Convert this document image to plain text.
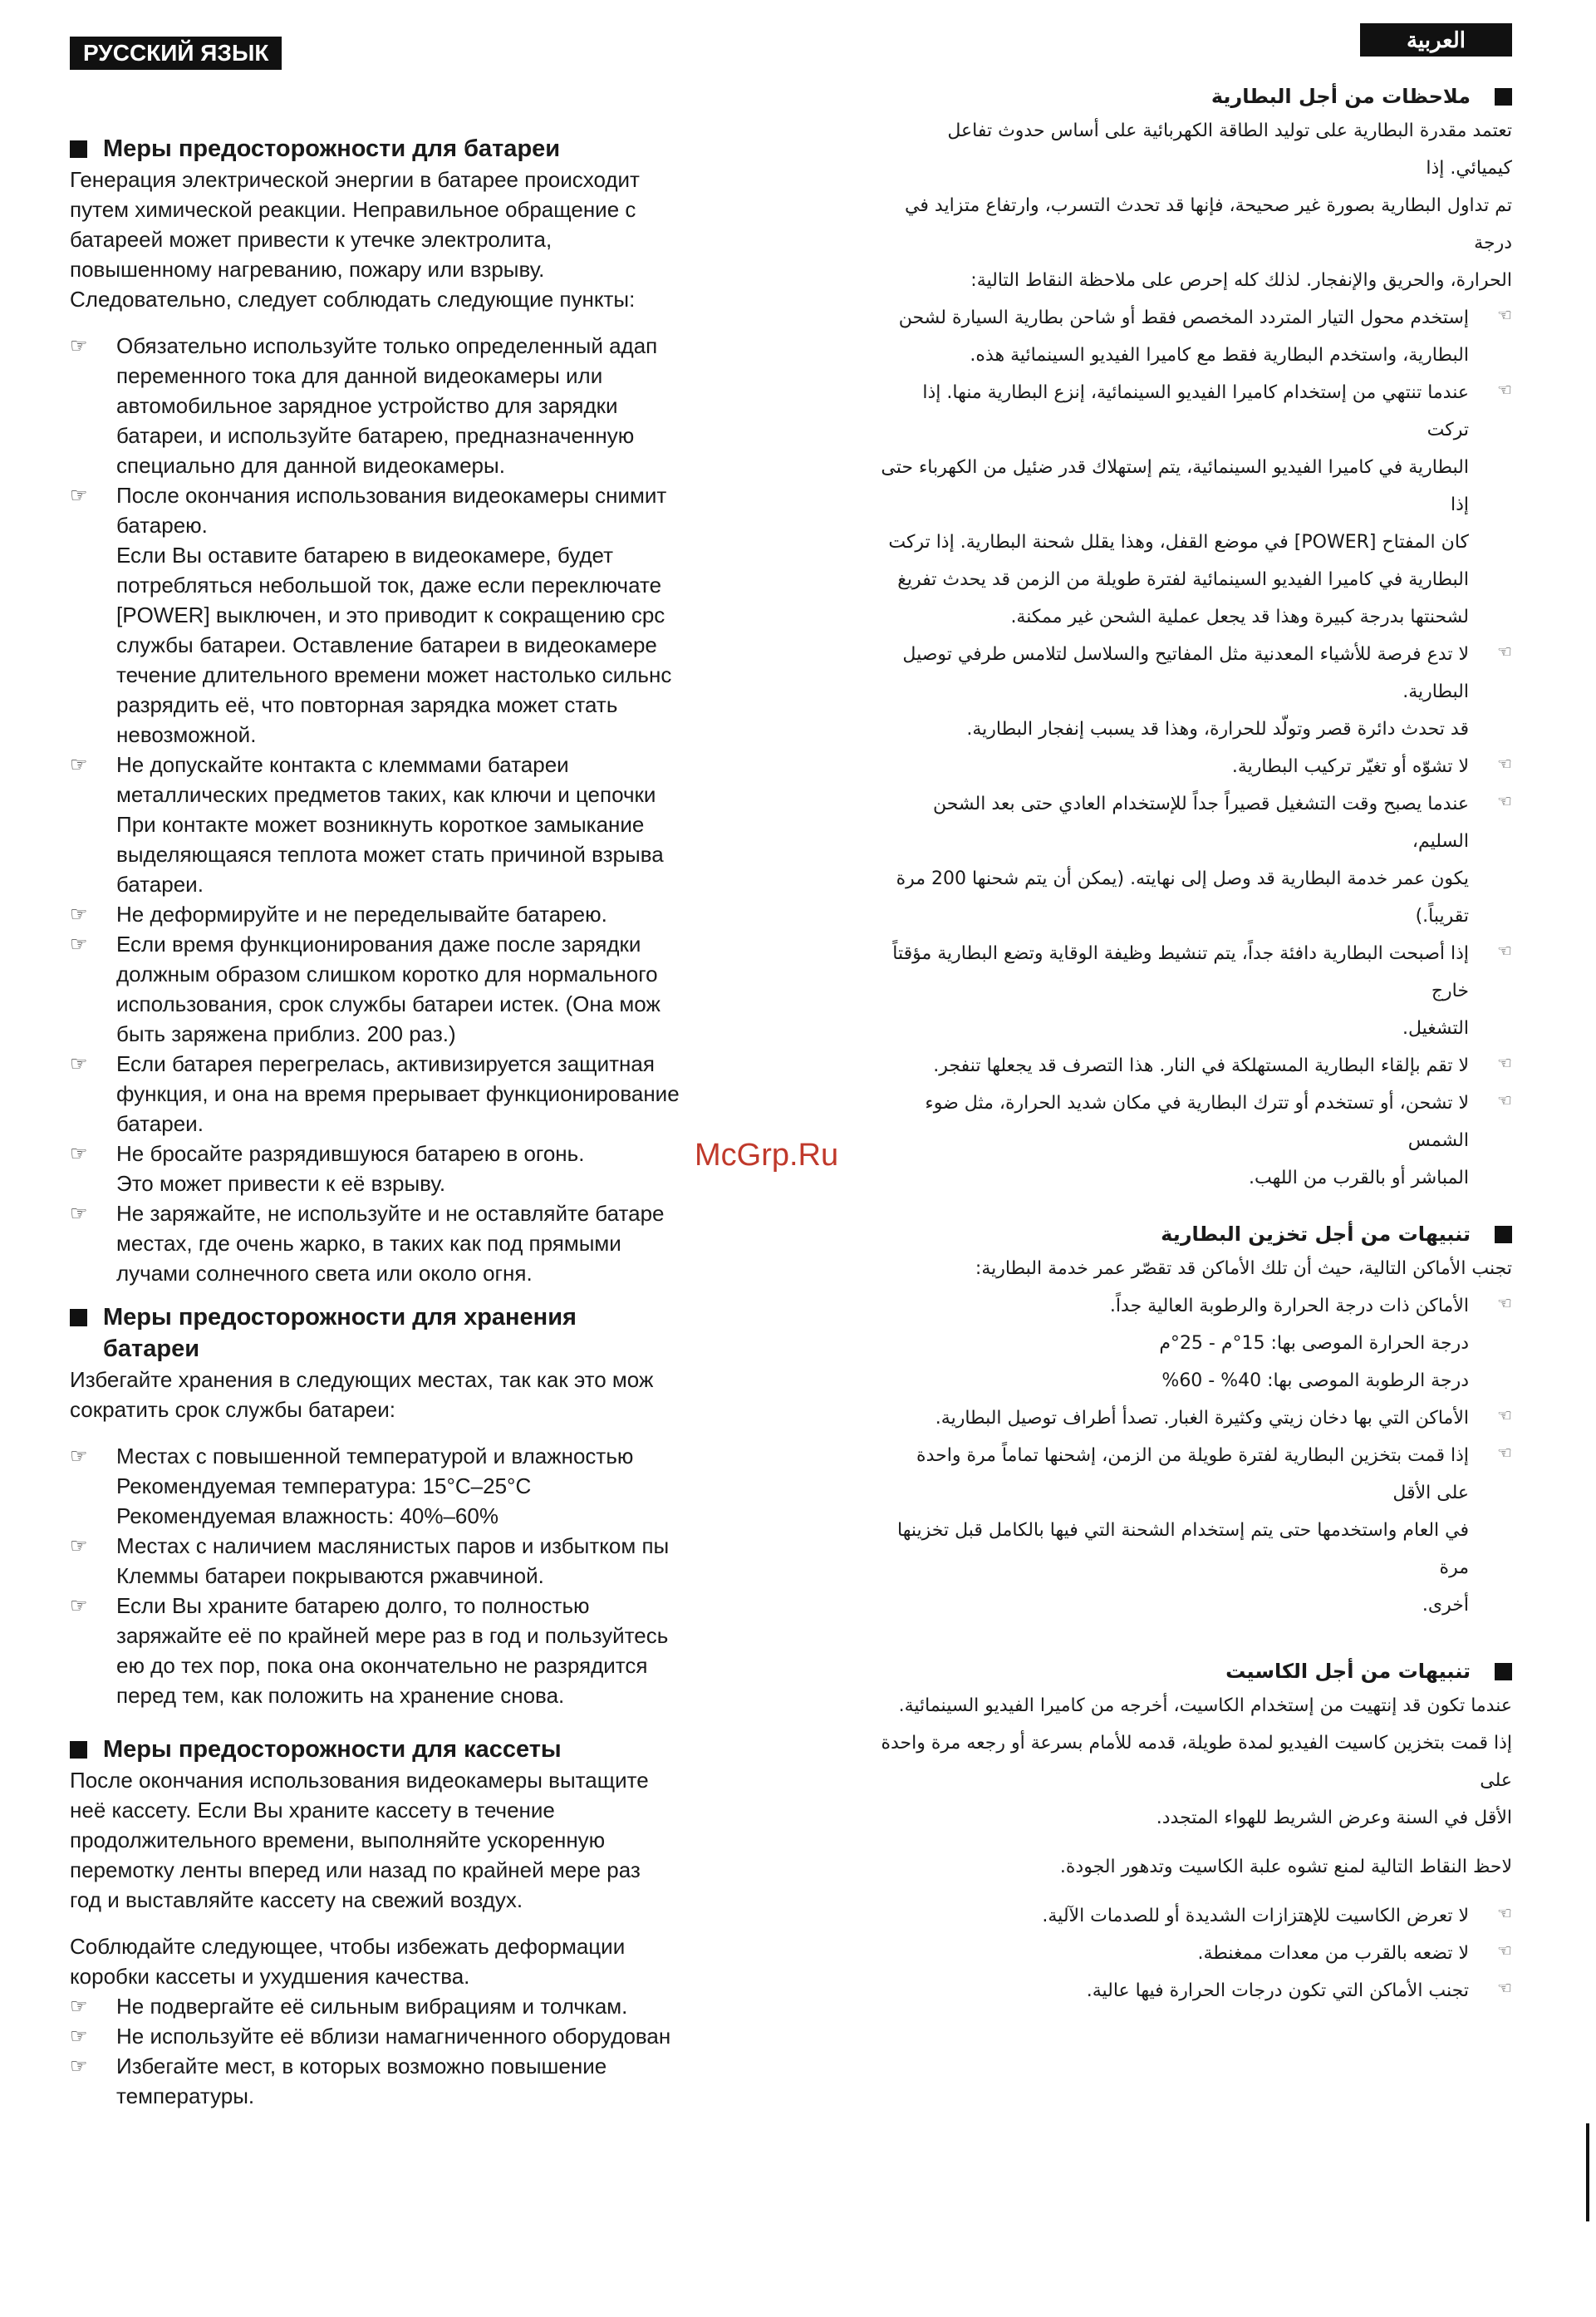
РУССКИЙ ЯЗЫК
Меры предосторожности для батареи

Генерация электрической энергии в батарее происходит
путем химической реакции. Неправильное обращение с
батареей может привести к утечке электролита,
повышенному нагреванию, пожару или взрыву.
Следовательно, следует соблюдать следующие пункты:

☞ Обязательно используйте только определенный адап
переменного тока для данной видеокамеры или
автомобильное зарядное устройство для зарядки
батареи, и используйте батарею, предназначенную
специально для данной видеокамеры.
☞ После окончания использования видеокамеры снимит
батарею.
Если Вы оставите батарею в видеокамере, будет
потребляться небольшой ток, даже если переключате
[POWER] выключен, и это приводит к сокращению срс
службы батареи. Оставление батареи в видеокамере
течение длительного времени может настолько сильнс
разрядить её, что повторная зарядка может стать
невозможной.
☞ Не допускайте контакта с клеммами батареи
металлических предметов таких, как ключи и цепочки
При контакте может возникнуть короткое замыкание
выделяющаяся теплота может стать причиной взрыва
батареи.
☞ Не деформируйте и не переделывайте батарею.
☞ Если время функционирования даже после зарядки
должным образом слишком коротко для нормального
использования, срок службы батареи истек. (Она мож
быть заряжена приблиз. 200 раз.)
☞ Если батарея перегрелась, активизируется защитная
функция, и она на время прерывает функционирование
батареи.
☞ Не бросайте разрядившуюся батарею в огонь.
Это может привести к её взрыву.
☞ Не заряжайте, не используйте и не оставляйте батаре
местах, где очень жарко, в таких как под прямыми
лучами солнечного света или около огня.
Меры предосторожности для хранения
батареи

Избегайте хранения в следующих местах, так как это мож
сократить срок службы батареи:

☞ Местах с повышенной температурой и влажностью
Рекомендуемая температура: 15°C–25°C
Рекомендуемая влажность: 40%–60%
☞ Местах с наличием маслянистых паров и избытком пы
Клеммы батареи покрываются ржавчиной.
☞ Если Вы храните батарею долго, то полностью
заряжайте её по крайней мере раз в год и пользуйтесь
ею до тех пор, пока она окончательно не разрядится
перед тем, как положить на хранение снова.
Меры предосторожности для кассеты

После окончания использования видеокамеры вытащите
неё кассету. Если Вы храните кассету в течение
продолжительного времени, выполняйте ускоренную
перемотку ленты вперед или назад по крайней мере раз
год и выставляйте кассету на свежий воздух.

Соблюдайте следующее, чтобы избежать деформации
коробки кассеты и ухудшения качества.

☞ Не подвергайте её сильным вибрациям и толчкам.
☞ Не используйте её вблизи намагниченного оборудован
☞ Избегайте мест, в которых возможно повышение
температуры.
العربية
ملاحظات من أجل البطارية

تعتمد مقدرة البطارية على توليد الطاقة الكهربائية على أساس حدوث تفاعل كيميائي. إذا
تم تداول البطارية بصورة غير صحيحة، فإنها قد تحدث التسرب، وارتفاع متزايد في درجة
الحرارة، والحريق والإنفجار. لذلك كله إحرص على ملاحظة النقاط التالية:

☜
إستخدم محول التيار المتردد المخصص فقط أو شاحن بطارية السيارة لشحن
البطارية، واستخدم البطارية فقط مع كاميرا الفيديو السينمائية هذه.
☜
عندما تنتهي من إستخدام كاميرا الفيديو السينمائية، إنزع البطارية منها. إذا تركت
البطارية في كاميرا الفيديو السينمائية، يتم إستهلاك قدر ضئيل من الكهرباء حتى إذا
كان المفتاح [POWER] في موضع القفل، وهذا يقلل شحنة البطارية. إذا تركت
البطارية في كاميرا الفيديو السينمائية لفترة طويلة من الزمن قد يحدث تفريغ
لشحنتها بدرجة كبيرة وهذا قد يجعل عملية الشحن غير ممكنة.
☜
لا تدع فرصة للأشياء المعدنية مثل المفاتيح والسلاسل لتلامس طرفي توصيل
البطارية.
قد تحدث دائرة قصر وتولّد للحرارة، وهذا قد يسبب إنفجار البطارية.
☜
لا تشوّه أو تغيّر تركيب البطارية.
☜
عندما يصبح وقت التشغيل قصيراً جداً للإستخدام العادي حتى بعد الشحن السليم،
يكون عمر خدمة البطارية قد وصل إلى نهايته. (يمكن أن يتم شحنها 200 مرة
تقريباً.)
☜
إذا أصبحت البطارية دافئة جداً، يتم تنشيط وظيفة الوقاية وتضع البطارية مؤقتاً خارج
التشغيل.
☜
لا تقم بإلقاء البطارية المستهلكة في النار. هذا التصرف قد يجعلها تنفجر.
☜
لا تشحن، أو تستخدم أو تترك البطارية في مكان شديد الحرارة، مثل ضوء الشمس
المباشر أو بالقرب من اللهب.
تنبيهات من أجل تخزين البطارية

تجنب الأماكن التالية، حيث أن تلك الأماكن قد تقصّر عمر خدمة البطارية:

☜
الأماكن ذات درجة الحرارة والرطوبة العالية جداً.
درجة الحرارة الموصى بها: 15°م - 25°م
درجة الرطوبة الموصى بها: 40% - 60%
☜
الأماكن التي بها دخان زيتي وكثيرة الغبار. تصدأ أطراف توصيل البطارية.
☜
إذا قمت بتخزين البطارية لفترة طويلة من الزمن، إشحنها تماماً مرة واحدة على الأقل
في العام واستخدمها حتى يتم إستخدام الشحنة التي فيها بالكامل قبل تخزينها مرة
أخرى.
تنبيهات من أجل الكاسيت

عندما تكون قد إنتهيت من إستخدام الكاسيت، أخرجه من كاميرا الفيديو السينمائية.
إذا قمت بتخزين كاسيت الفيديو لمدة طويلة، قدمه للأمام بسرعة أو رجعه مرة واحدة على
الأقل في السنة وعرض الشريط للهواء المتجدد.

لاحظ النقاط التالية لمنع تشوه علبة الكاسيت وتدهور الجودة.

☜
لا تعرض الكاسيت للإهتزازات الشديدة أو للصدمات الآلية.
☜
لا تضعه بالقرب من معدات ممغنطة.
☜
تجنب الأماكن التي تكون درجات الحرارة فيها عالية.
McGrp.Ru
